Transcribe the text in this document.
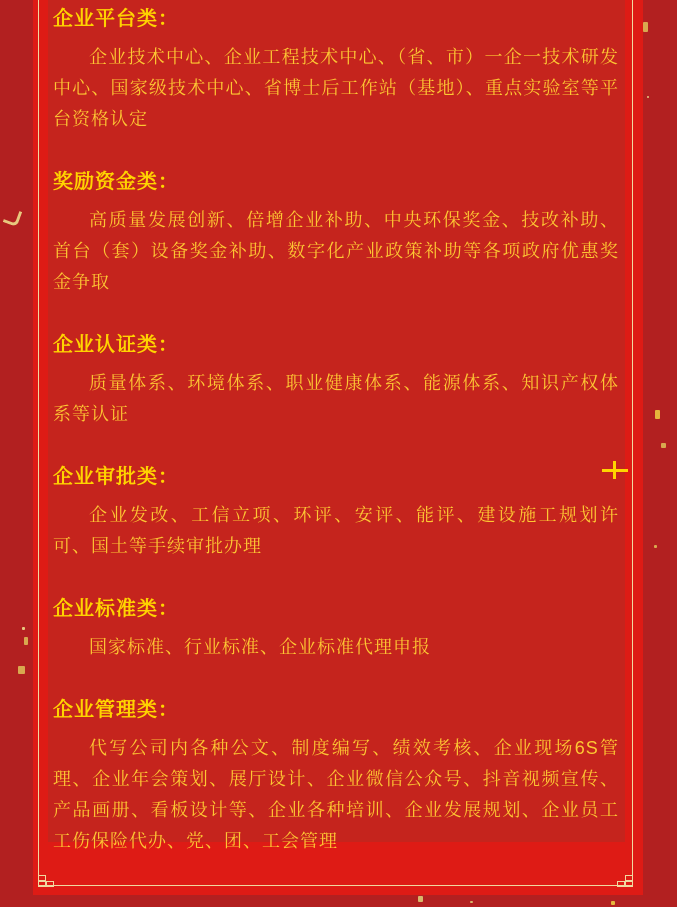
企业平台类：

企业技术中心、企业工程技术中心、（省、市）一企一技术研发中心、国家级技术中心、省博士后工作站（基地）、重点实验室等平台资格认定

奖励资金类：

高质量发展创新、倍增企业补助、中央环保奖金、技改补助、首台（套）设备奖金补助、数字化产业政策补助等各项政府优惠奖金争取

企业认证类：

质量体系、环境体系、职业健康体系、能源体系、知识产权体系等认证

企业审批类：

企业发改、工信立项、环评、安评、能评、建设施工规划许可、国土等手续审批办理

企业标准类：

国家标准、行业标准、企业标准代理申报

企业管理类：

代写公司内各种公文、制度编写、绩效考核、企业现场6S管理、企业年会策划、展厅设计、企业微信公众号、抖音视频宣传、产品画册、看板设计等、企业各种培训、企业发展规划、企业员工工伤保险代办、党、团、工会管理
